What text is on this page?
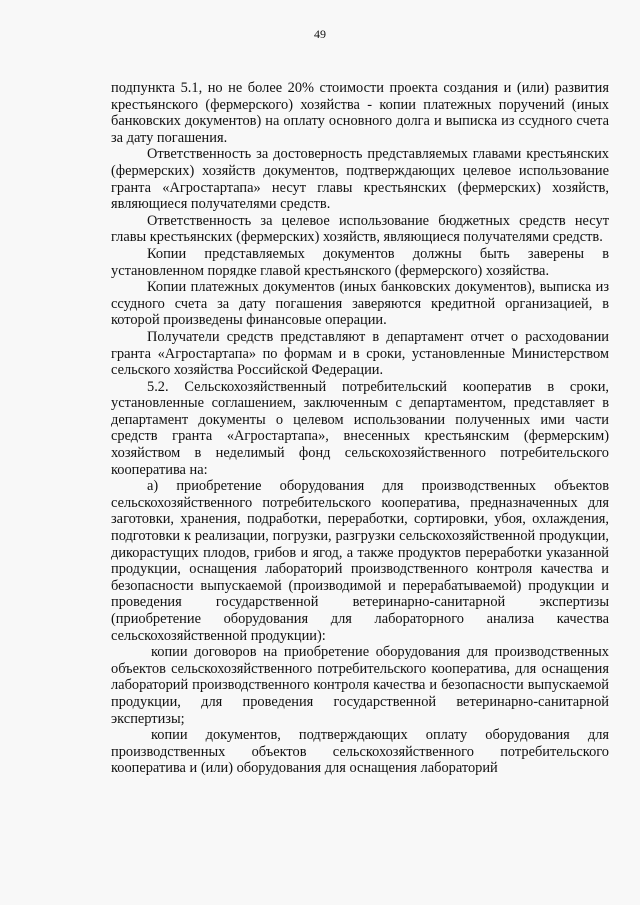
49

подпункта 5.1, но не более 20% стоимости проекта создания и (или) развития крестьянского (фермерского) хозяйства - копии платежных поручений (иных банковских документов) на оплату основного долга и выписка из ссудного счета за дату погашения.

Ответственность за достоверность представляемых главами крестьянских (фермерских) хозяйств документов, подтверждающих целевое использование гранта «Агростартапа» несут главы крестьянских (фермерских) хозяйств, являющиеся получателями средств.

Ответственность за целевое использование бюджетных средств несут главы крестьянских (фермерских) хозяйств, являющиеся получателями средств.

Копии представляемых документов должны быть заверены в установленном порядке главой крестьянского (фермерского) хозяйства.

Копии платежных документов (иных банковских документов), выписка из ссудного счета за дату погашения заверяются кредитной организацией, в которой произведены финансовые операции.

Получатели средств представляют в департамент отчет о расходовании гранта «Агростартапа» по формам и в сроки, установленные Министерством сельского хозяйства Российской Федерации.

5.2. Сельскохозяйственный потребительский кооператив в сроки, установленные соглашением, заключенным с департаментом, представляет в департамент документы о целевом использовании полученных ими части средств гранта «Агростартапа», внесенных крестьянским (фермерским) хозяйством в неделимый фонд сельскохозяйственного потребительского кооператива на:

а) приобретение оборудования для производственных объектов сельскохозяйственного потребительского кооператива, предназначенных для заготовки, хранения, подработки, переработки, сортировки, убоя, охлаждения, подготовки к реализации, погрузки, разгрузки сельскохозяйственной продукции, дикорастущих плодов, грибов и ягод, а также продуктов переработки указанной продукции, оснащения лабораторий производственного контроля качества и безопасности выпускаемой (производимой и перерабатываемой) продукции и проведения государственной ветеринарно-санитарной экспертизы (приобретение оборудования для лабораторного анализа качества сельскохозяйственной продукции):

копии договоров на приобретение оборудования для производственных объектов сельскохозяйственного потребительского кооператива, для оснащения лабораторий производственного контроля качества и безопасности выпускаемой продукции, для проведения государственной ветеринарно-санитарной экспертизы;

копии документов, подтверждающих оплату оборудования для производственных объектов сельскохозяйственного потребительского кооператива и (или) оборудования для оснащения лабораторий
